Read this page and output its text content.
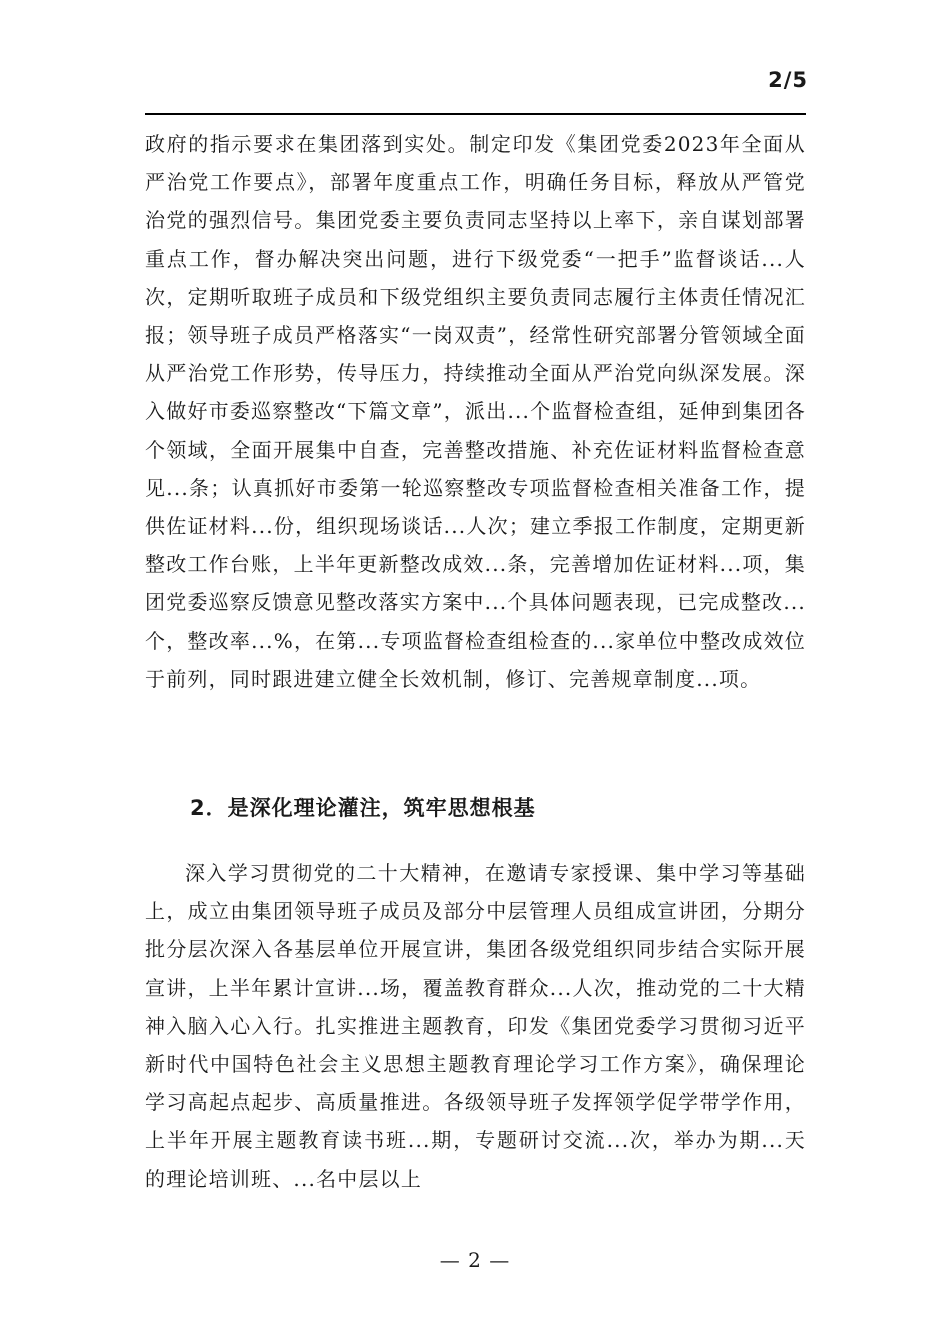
2/5

政府的指示要求在集团落到实处。制定印发《集团党委2023年全面从严治党工作要点》，部署年度重点工作，明确任务目标，释放从严管党治党的强烈信号。集团党委主要负责同志坚持以上率下，亲自谋划部署重点工作，督办解决突出问题，进行下级党委“一把手”监督谈话...人次，定期听取班子成员和下级党组织主要负责同志履行主体责任情况汇报；领导班子成员严格落实“一岗双责”，经常性研究部署分管领域全面从严治党工作形势，传导压力，持续推动全面从严治党向纵深发展。深入做好市委巡察整改“下篇文章”，派出...个监督检查组，延伸到集团各个领域，全面开展集中自查，完善整改措施、补充佐证材料监督检查意见...条；认真抓好市委第一轮巡察整改专项监督检查相关准备工作，提供佐证材料...份，组织现场谈话...人次；建立季报工作制度，定期更新整改工作台账，上半年更新整改成效...条，完善增加佐证材料...项，集团党委巡察反馈意见整改落实方案中...个具体问题表现，已完成整改...个，整改率...%，在第...专项监督检查组检查的...家单位中整改成效位于前列，同时跟进建立健全长效机制，修订、完善规章制度...项。

2．是深化理论灌注，筑牢思想根基

深入学习贯彻党的二十大精神，在邀请专家授课、集中学习等基础上，成立由集团领导班子成员及部分中层管理人员组成宣讲团，分期分批分层次深入各基层单位开展宣讲，集团各级党组织同步结合实际开展宣讲，上半年累计宣讲...场，覆盖教育群众...人次，推动党的二十大精神入脑入心入行。扎实推进主题教育，印发《集团党委学习贯彻习近平新时代中国特色社会主义思想主题教育理论学习工作方案》，确保理论学习高起点起步、高质量推进。各级领导班子发挥领学促学带学作用，上半年开展主题教育读书班...期，专题研讨交流...次，举办为期...天的理论培训班、...名中层以上

— 2 —
